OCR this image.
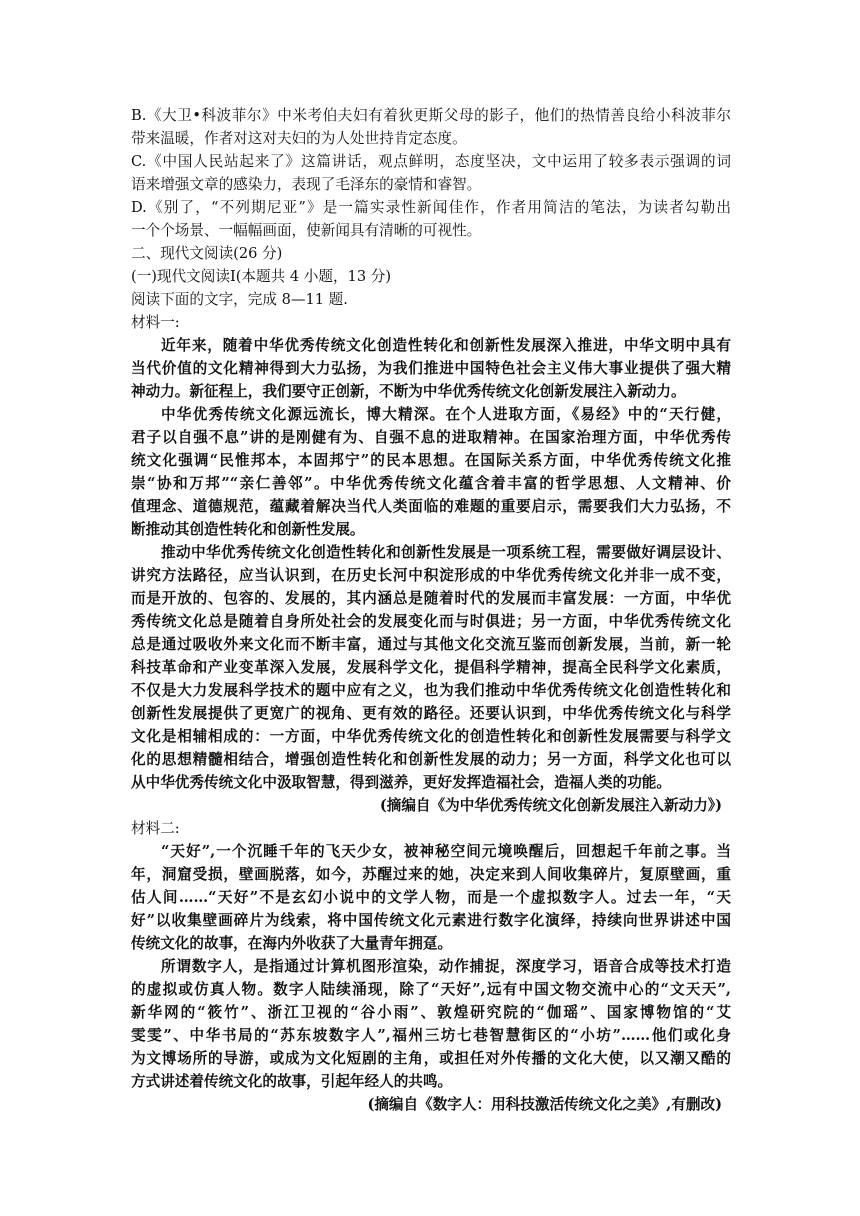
B.《大卫•科波菲尔》中米考伯夫妇有着狄更斯父母的影子，他们的热情善良给小科波菲尔
带来温暖，作者对这对夫妇的为人处世持肯定态度。
C.《中国人民站起来了》这篇讲话，观点鲜明，态度坚决，文中运用了较多表示强调的词
语来增强文章的感染力，表现了毛泽东的豪情和睿智。
D.《别了，“不列期尼亚”》是一篇实录性新闻佳作，作者用简洁的笔法，为读者勾勒出
一个个场景、一幅幅画面，使新闻具有清晰的可视性。
二、现代文阅读(26 分)
(一)现代文阅读Ⅰ(本题共 4 小题，13 分)
阅读下面的文字，完成 8—11 题.
材料一:
近年来，随着中华优秀传统文化创造性转化和创新性发展深入推进，中华文明中具有
当代价值的文化精神得到大力弘扬，为我们推进中国特色社会主义伟大事业提供了强大精
神动力。新征程上，我们要守正创新，不断为中华优秀传统文化创新发展注入新动力。
中华优秀传统文化源远流长，博大精深。在个人进取方面，《易经》中的“天行健，
君子以自强不息”讲的是刚健有为、自强不息的进取精神。在国家治理方面，中华优秀传
统文化强调“民惟邦本，本固邦宁”的民本思想。在国际关系方面，中华优秀传统文化推
崇“协和万邦”“亲仁善邻”。中华优秀传统文化蕴含着丰富的哲学思想、人文精神、价
值理念、道德规范，蕴藏着解决当代人类面临的难题的重要启示，需要我们大力弘扬，不
断推动其创造性转化和创新性发展。
推动中华优秀传统文化创造性转化和创新性发展是一项系统工程，需要做好调层设计、
讲究方法路径，应当认识到，在历史长河中积淀形成的中华优秀传统文化并非一成不变，
而是开放的、包容的、发展的，其内涵总是随着时代的发展而丰富发展：一方面，中华优
秀传统文化总是随着自身所处社会的发展变化而与时俱进；另一方面，中华优秀传统文化
总是通过吸收外来文化而不断丰富，通过与其他文化交流互鉴而创新发展，当前，新一轮
科技革命和产业变革深入发展，发展科学文化，提倡科学精神，提高全民科学文化素质，
不仅是大力发展科学技术的题中应有之义，也为我们推动中华优秀传统文化创造性转化和
创新性发展提供了更宽广的视角、更有效的路径。还要认识到，中华优秀传统文化与科学
文化是相辅相成的：一方面，中华优秀传统文化的创造性转化和创新性发展需要与科学文
化的思想精髓相结合，增强创造性转化和创新性发展的动力；另一方面，科学文化也可以
从中华优秀传统文化中汲取智慧，得到滋养，更好发挥造福社会，造福人类的功能。
(摘编自《为中华优秀传统文化创新发展注入新动力》)
材料二:
“天好”,一个沉睡千年的飞天少女，被神秘空间元境唤醒后，回想起千年前之事。当
年，洞窟受损，壁画脱落，如今，苏醒过来的她，决定来到人间收集碎片，复原壁画，重
估人间……“天好”不是玄幻小说中的文学人物，而是一个虚拟数字人。过去一年，“天
好”以收集壁画碎片为线索，将中国传统文化元素进行数字化演绎，持续向世界讲述中国
传统文化的故事，在海内外收获了大量青年拥趸。
所谓数字人，是指通过计算机图形渲染，动作捕捉，深度学习，语音合成等技术打造
的虚拟或仿真人物。数字人陆续涌现，除了“天好”,远有中国文物交流中心的“文天天”,
新华网的“筱竹”、浙江卫视的“谷小雨”、敦煌研究院的“伽瑶”、国家博物馆的“艾
雯雯”、中华书局的“苏东坡数字人”,福州三坊七巷智慧街区的“小坊”……他们或化身
为文博场所的导游，或成为文化短剧的主角，或担任对外传播的文化大使，以又潮又酷的
方式讲述着传统文化的故事，引起年经人的共鸣。
(摘编自《数字人：用科技激活传统文化之美》,有删改)
